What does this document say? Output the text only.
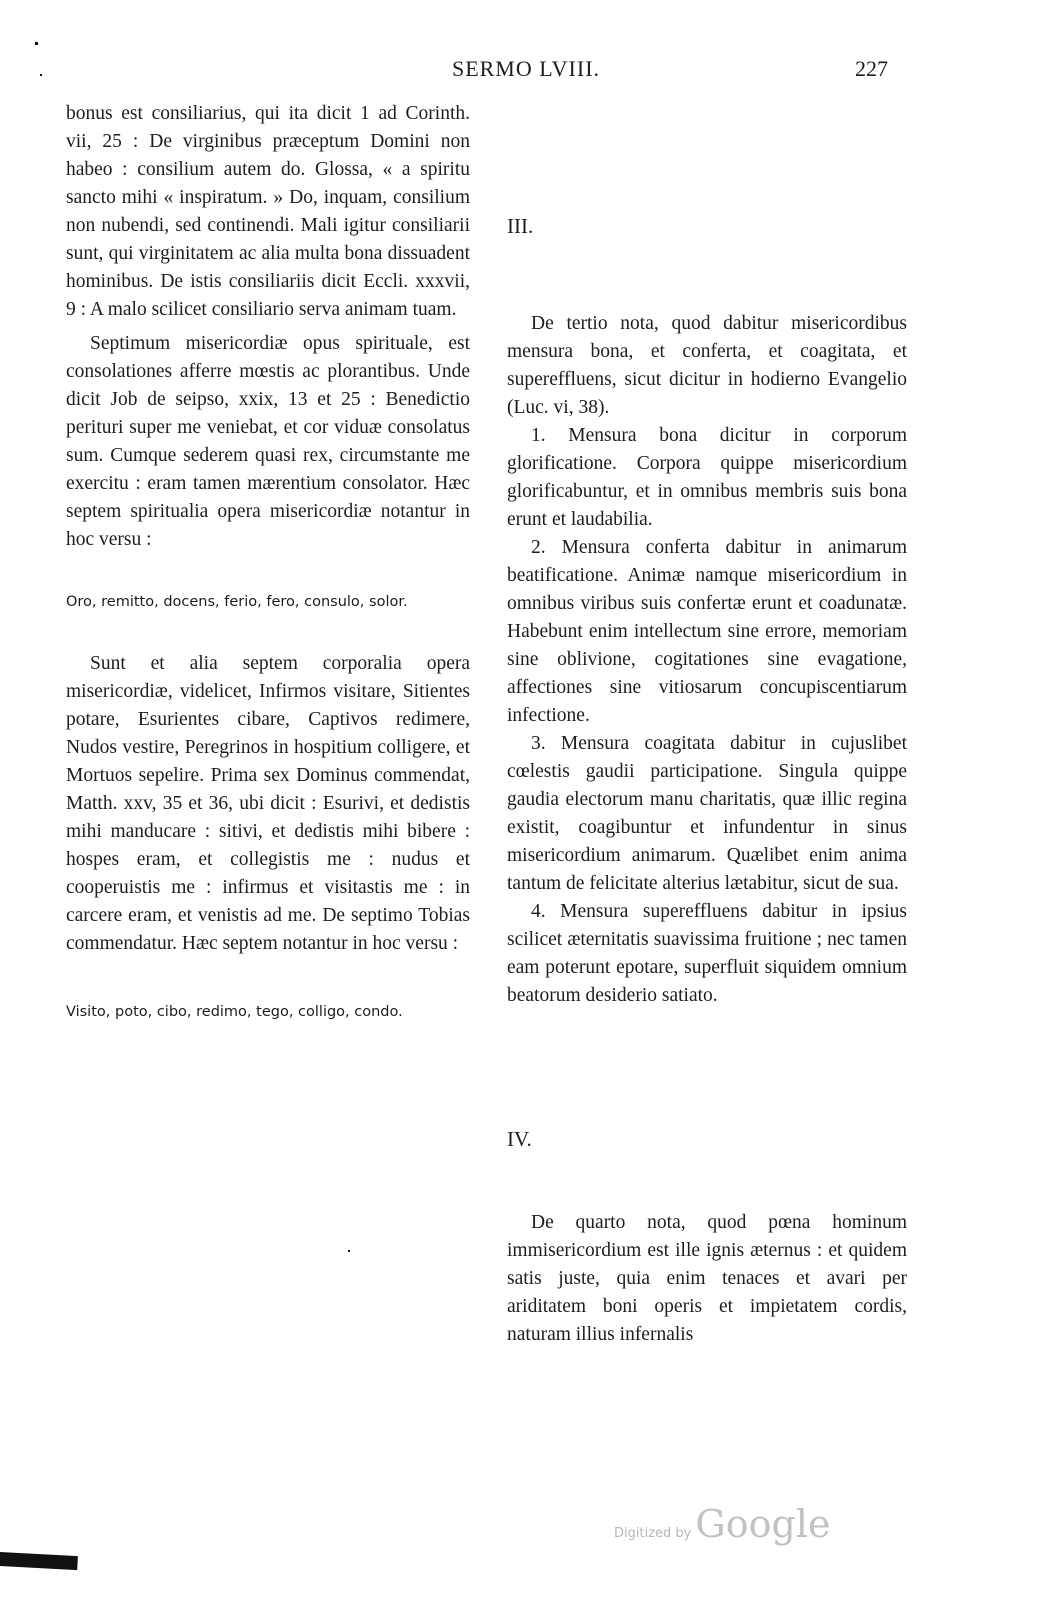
SERMO LVIII.	227

bonus est consiliarius, qui ita dicit 1 ad Corinth. vii, 25 : De virginibus præceptum Domini non habeo : consilium autem do. Glossa, « a spiritu sancto mihi « inspiratum. » Do, inquam, consilium non nubendi, sed continendi. Mali igitur consiliarii sunt, qui virginitatem ac alia multa bona dissuadent hominibus. De istis consiliariis dicit Eccli. xxxvii, 9 : A malo scilicet consiliario serva animam tuam.

Septimum misericordiæ opus spirituale, est consolationes afferre mœstis ac plorantibus. Unde dicit Job de seipso, xxix, 13 et 25 : Benedictio perituri super me veniebat, et cor viduæ consolatus sum. Cumque sederem quasi rex, circumstante me exercitu : eram tamen mærentium consolator. Hæc septem spiritualia opera misericordiæ notantur in hoc versu :

Oro, remitto, docens, ferio, fero, consulo, solor.

Sunt et alia septem corporalia opera misericordiæ, videlicet, Infirmos visitare, Sitientes potare, Esurientes cibare, Captivos redimere, Nudos vestire, Peregrinos in hospitium colligere, et Mortuos sepelire. Prima sex Dominus commendat, Matth. xxv, 35 et 36, ubi dicit : Esurivi, et dedistis mihi manducare : sitivi, et dedistis mihi bibere : hospes eram, et collegistis me : nudus et cooperuistis me : infirmus et visitastis me : in carcere eram, et venistis ad me. De septimo Tobias commendatur. Hæc septem notantur in hoc versu :

Visito, poto, cibo, redimo, tego, colligo, condo.

III.

De tertio nota, quod dabitur misericordibus mensura bona, et conferta, et coagitata, et supereffluens, sicut dicitur in hodierno Evangelio (Luc. vi, 38).

1. Mensura bona dicitur in corporum glorificatione. Corpora quippe misericordium glorificabuntur, et in omnibus membris suis bona erunt et laudabilia.

2. Mensura conferta dabitur in animarum beatificatione. Animæ namque misericordium in omnibus viribus suis confertæ erunt et coadunatæ. Habebunt enim intellectum sine errore, memoriam sine oblivione, cogitationes sine evagatione, affectiones sine vitiosarum concupiscentiarum infectione.

3. Mensura coagitata dabitur in cujuslibet cœlestis gaudii participatione. Singula quippe gaudia electorum manu charitatis, quæ illic regina existit, coagibuntur et infundentur in sinus misericordium animarum. Quælibet enim anima tantum de felicitate alterius lætabitur, sicut de sua.

4. Mensura supereffluens dabitur in ipsius scilicet æternitatis suavissima fruitione ; nec tamen eam poterunt epotare, superfluit siquidem omnium beatorum desiderio satiato.

IV.

De quarto nota, quod pœna hominum immisericordium est ille ignis æternus : et quidem satis juste, quia enim tenaces et avari per ariditatem boni operis et impietatem cordis, naturam illius infernalis

Digitized by Google
